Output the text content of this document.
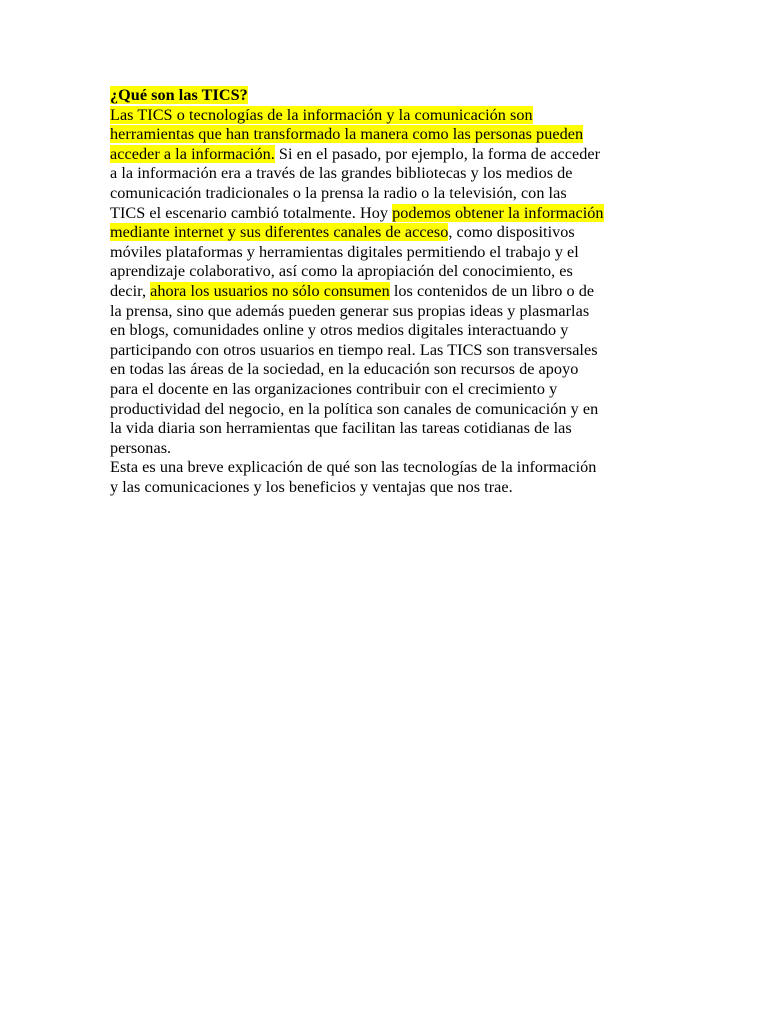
¿Qué son las TICS?
Las TICS o tecnologías de la información y la comunicación son
herramientas que han transformado la manera como las personas pueden
acceder a la información. Si en el pasado, por ejemplo, la forma de acceder
a la información era a través de las grandes bibliotecas y los medios de
comunicación tradicionales o la prensa la radio o la televisión, con las
TICS el escenario cambió totalmente. Hoy podemos obtener la información
mediante internet y sus diferentes canales de acceso, como dispositivos
móviles plataformas y herramientas digitales permitiendo el trabajo y el
aprendizaje colaborativo, así como la apropiación del conocimiento, es
decir, ahora los usuarios no sólo consumen los contenidos de un libro o de
la prensa, sino que además pueden generar sus propias ideas y plasmarlas
en blogs, comunidades online y otros medios digitales interactuando y
participando con otros usuarios en tiempo real. Las TICS son transversales
en todas las áreas de la sociedad, en la educación son recursos de apoyo
para el docente en las organizaciones contribuir con el crecimiento y
productividad del negocio, en la política son canales de comunicación y en
la vida diaria son herramientas que facilitan las tareas cotidianas de las
personas.
Esta es una breve explicación de qué son las tecnologías de la información
y las comunicaciones y los beneficios y ventajas que nos trae.
